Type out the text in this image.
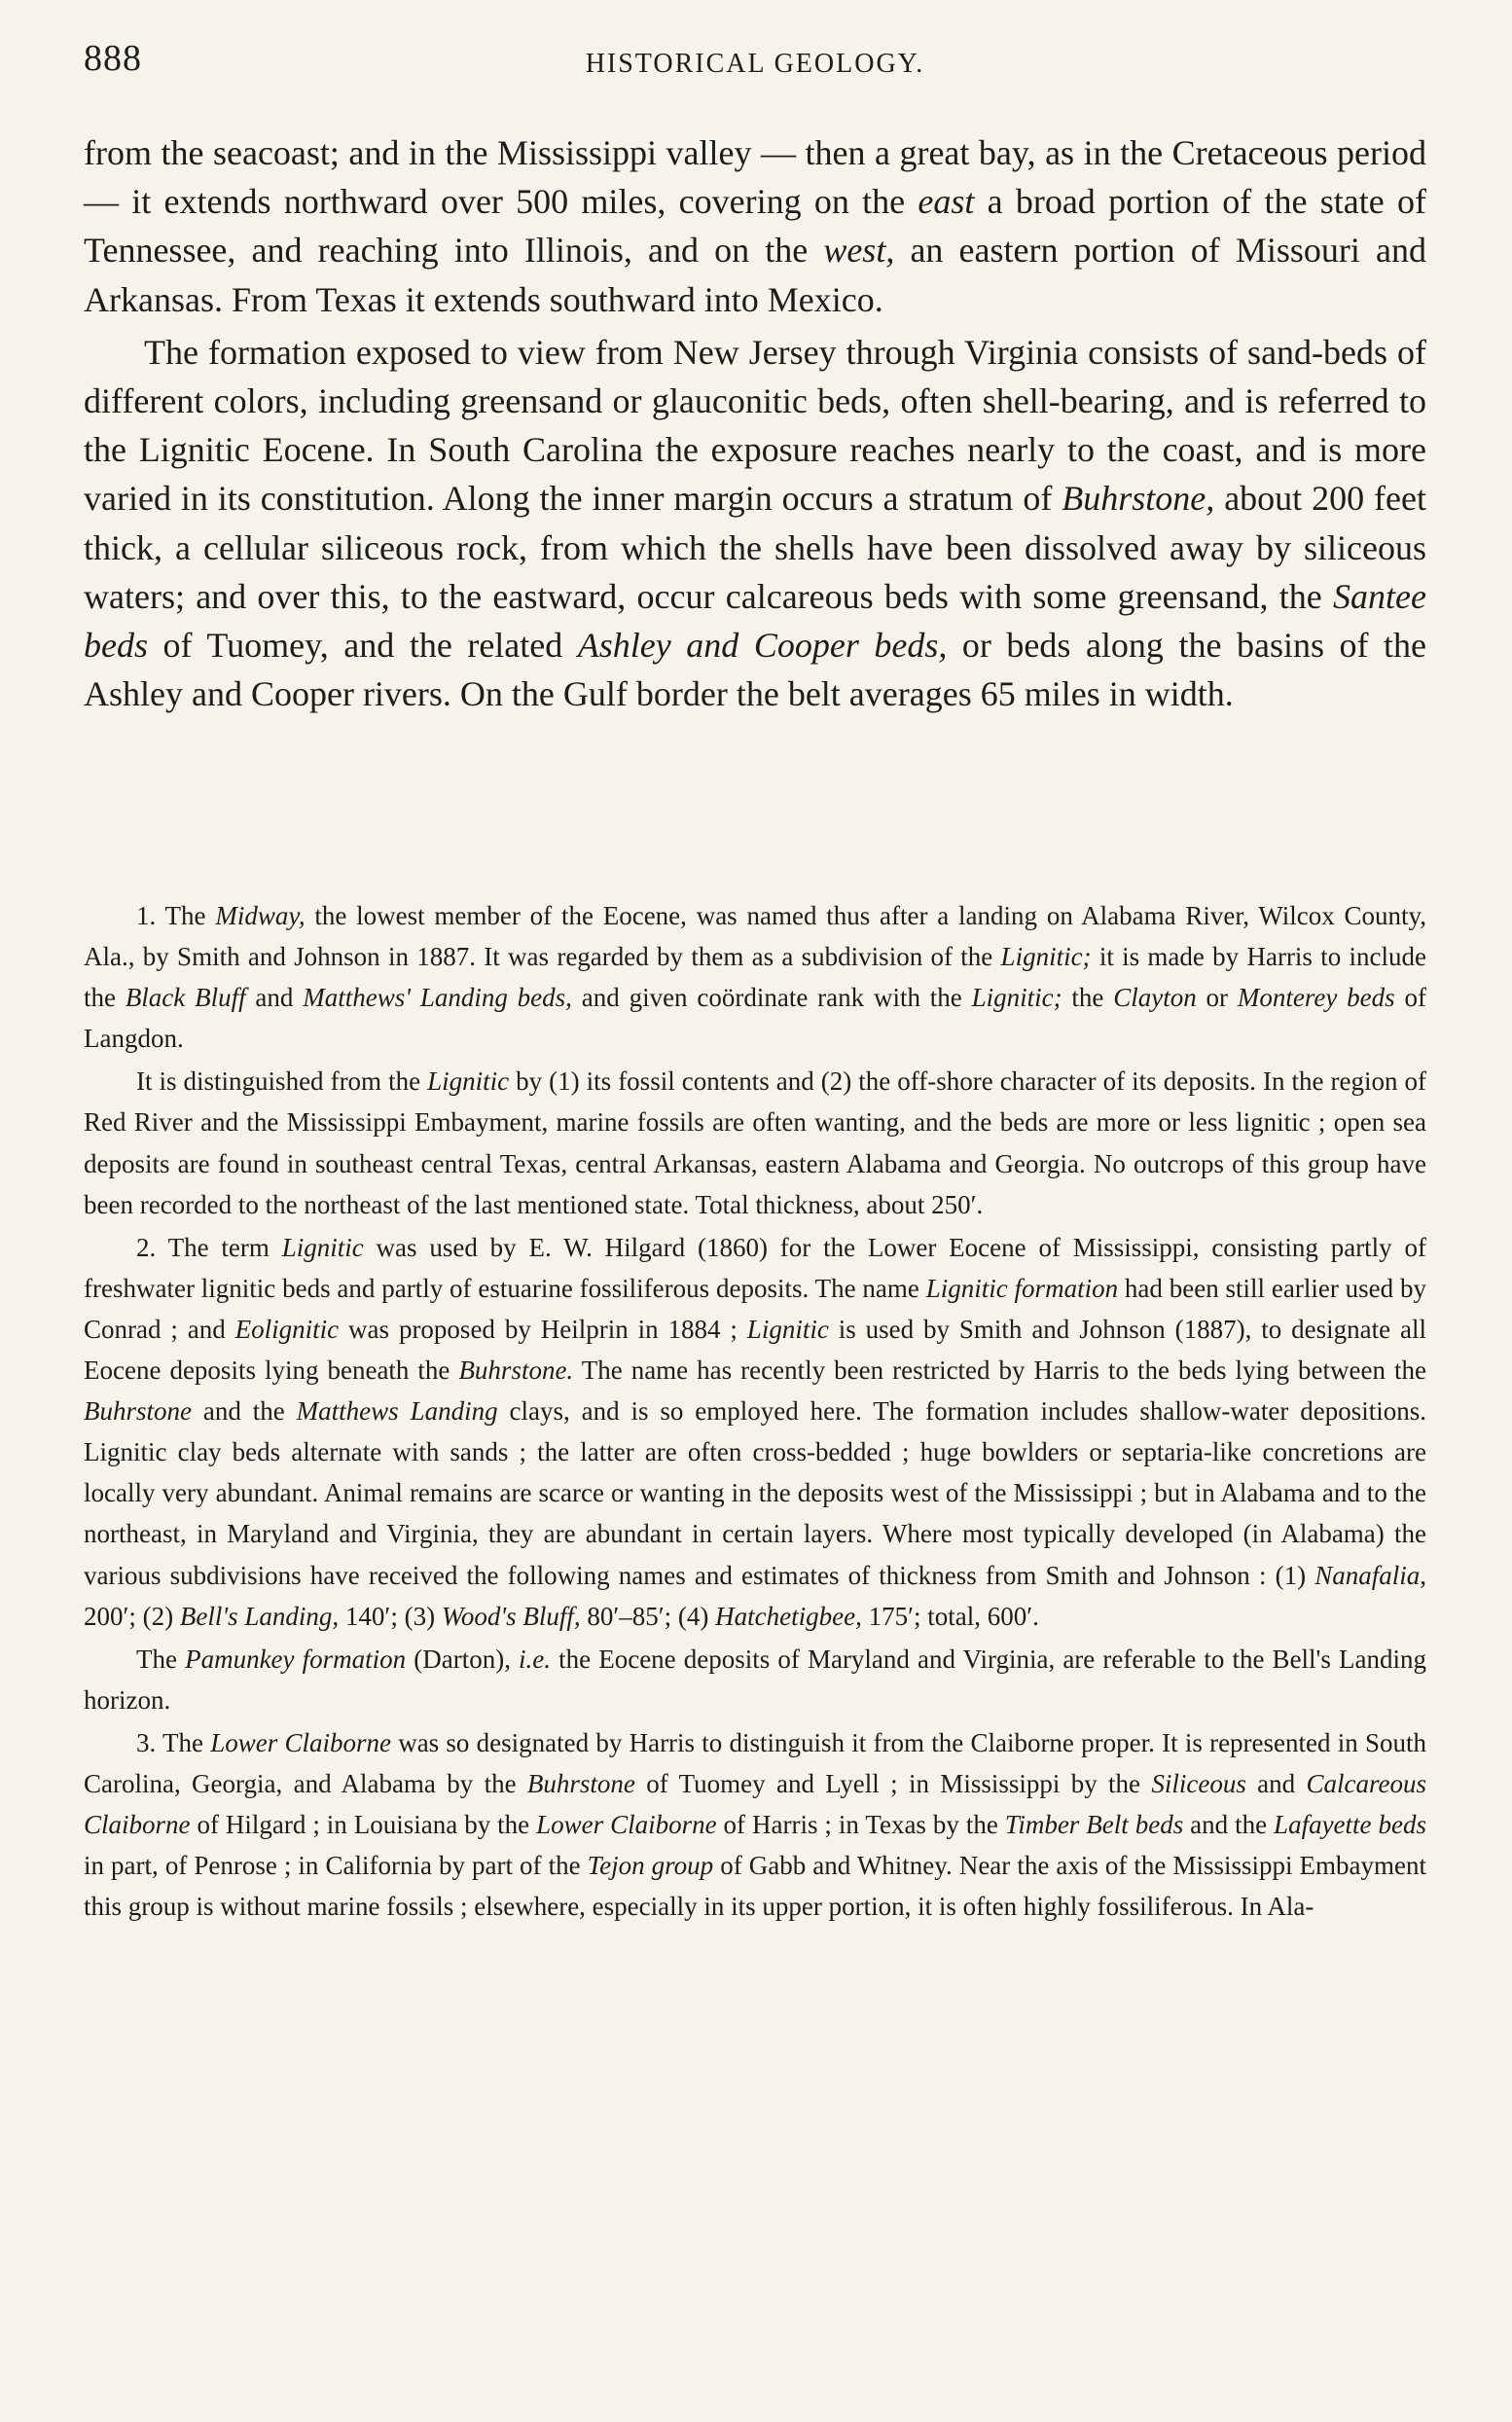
888	HISTORICAL GEOLOGY.

from the seacoast; and in the Mississippi valley — then a great bay, as in the Cretaceous period — it extends northward over 500 miles, covering on the east a broad portion of the state of Tennessee, and reaching into Illinois, and on the west, an eastern portion of Missouri and Arkansas. From Texas it extends southward into Mexico.

The formation exposed to view from New Jersey through Virginia consists of sand-beds of different colors, including greensand or glauconitic beds, often shell-bearing, and is referred to the Lignitic Eocene. In South Carolina the exposure reaches nearly to the coast, and is more varied in its constitution. Along the inner margin occurs a stratum of Buhrstone, about 200 feet thick, a cellular siliceous rock, from which the shells have been dissolved away by siliceous waters; and over this, to the eastward, occur calcareous beds with some greensand, the Santee beds of Tuomey, and the related Ashley and Cooper beds, or beds along the basins of the Ashley and Cooper rivers. On the Gulf border the belt averages 65 miles in width.

1. The Midway, the lowest member of the Eocene, was named thus after a landing on Alabama River, Wilcox County, Ala., by Smith and Johnson in 1887. It was regarded by them as a subdivision of the Lignitic; it is made by Harris to include the Black Bluff and Matthews' Landing beds, and given coördinate rank with the Lignitic; the Clayton or Monterey beds of Langdon.

It is distinguished from the Lignitic by (1) its fossil contents and (2) the off-shore character of its deposits. In the region of Red River and the Mississippi Embayment, marine fossils are often wanting, and the beds are more or less lignitic ; open sea deposits are found in southeast central Texas, central Arkansas, eastern Alabama and Georgia. No outcrops of this group have been recorded to the northeast of the last mentioned state. Total thickness, about 250′.

2. The term Lignitic was used by E. W. Hilgard (1860) for the Lower Eocene of Mississippi, consisting partly of freshwater lignitic beds and partly of estuarine fossiliferous deposits. The name Lignitic formation had been still earlier used by Conrad ; and Eolignitic was proposed by Heilprin in 1884 ; Lignitic is used by Smith and Johnson (1887), to designate all Eocene deposits lying beneath the Buhrstone. The name has recently been restricted by Harris to the beds lying between the Buhrstone and the Matthews Landing clays, and is so employed here. The formation includes shallow-water depositions. Lignitic clay beds alternate with sands ; the latter are often cross-bedded ; huge bowlders or septaria-like concretions are locally very abundant. Animal remains are scarce or wanting in the deposits west of the Mississippi ; but in Alabama and to the northeast, in Maryland and Virginia, they are abundant in certain layers. Where most typically developed (in Alabama) the various subdivisions have received the following names and estimates of thickness from Smith and Johnson : (1) Nanafalia, 200′; (2) Bell's Landing, 140′; (3) Wood's Bluff, 80′–85′; (4) Hatchetigbee, 175′; total, 600′.

The Pamunkey formation (Darton), i.e. the Eocene deposits of Maryland and Virginia, are referable to the Bell's Landing horizon.

3. The Lower Claiborne was so designated by Harris to distinguish it from the Claiborne proper. It is represented in South Carolina, Georgia, and Alabama by the Buhrstone of Tuomey and Lyell ; in Mississippi by the Siliceous and Calcareous Claiborne of Hilgard ; in Louisiana by the Lower Claiborne of Harris ; in Texas by the Timber Belt beds and the Lafayette beds in part, of Penrose ; in California by part of the Tejon group of Gabb and Whitney. Near the axis of the Mississippi Embayment this group is without marine fossils ; elsewhere, especially in its upper portion, it is often highly fossiliferous. In Ala-
